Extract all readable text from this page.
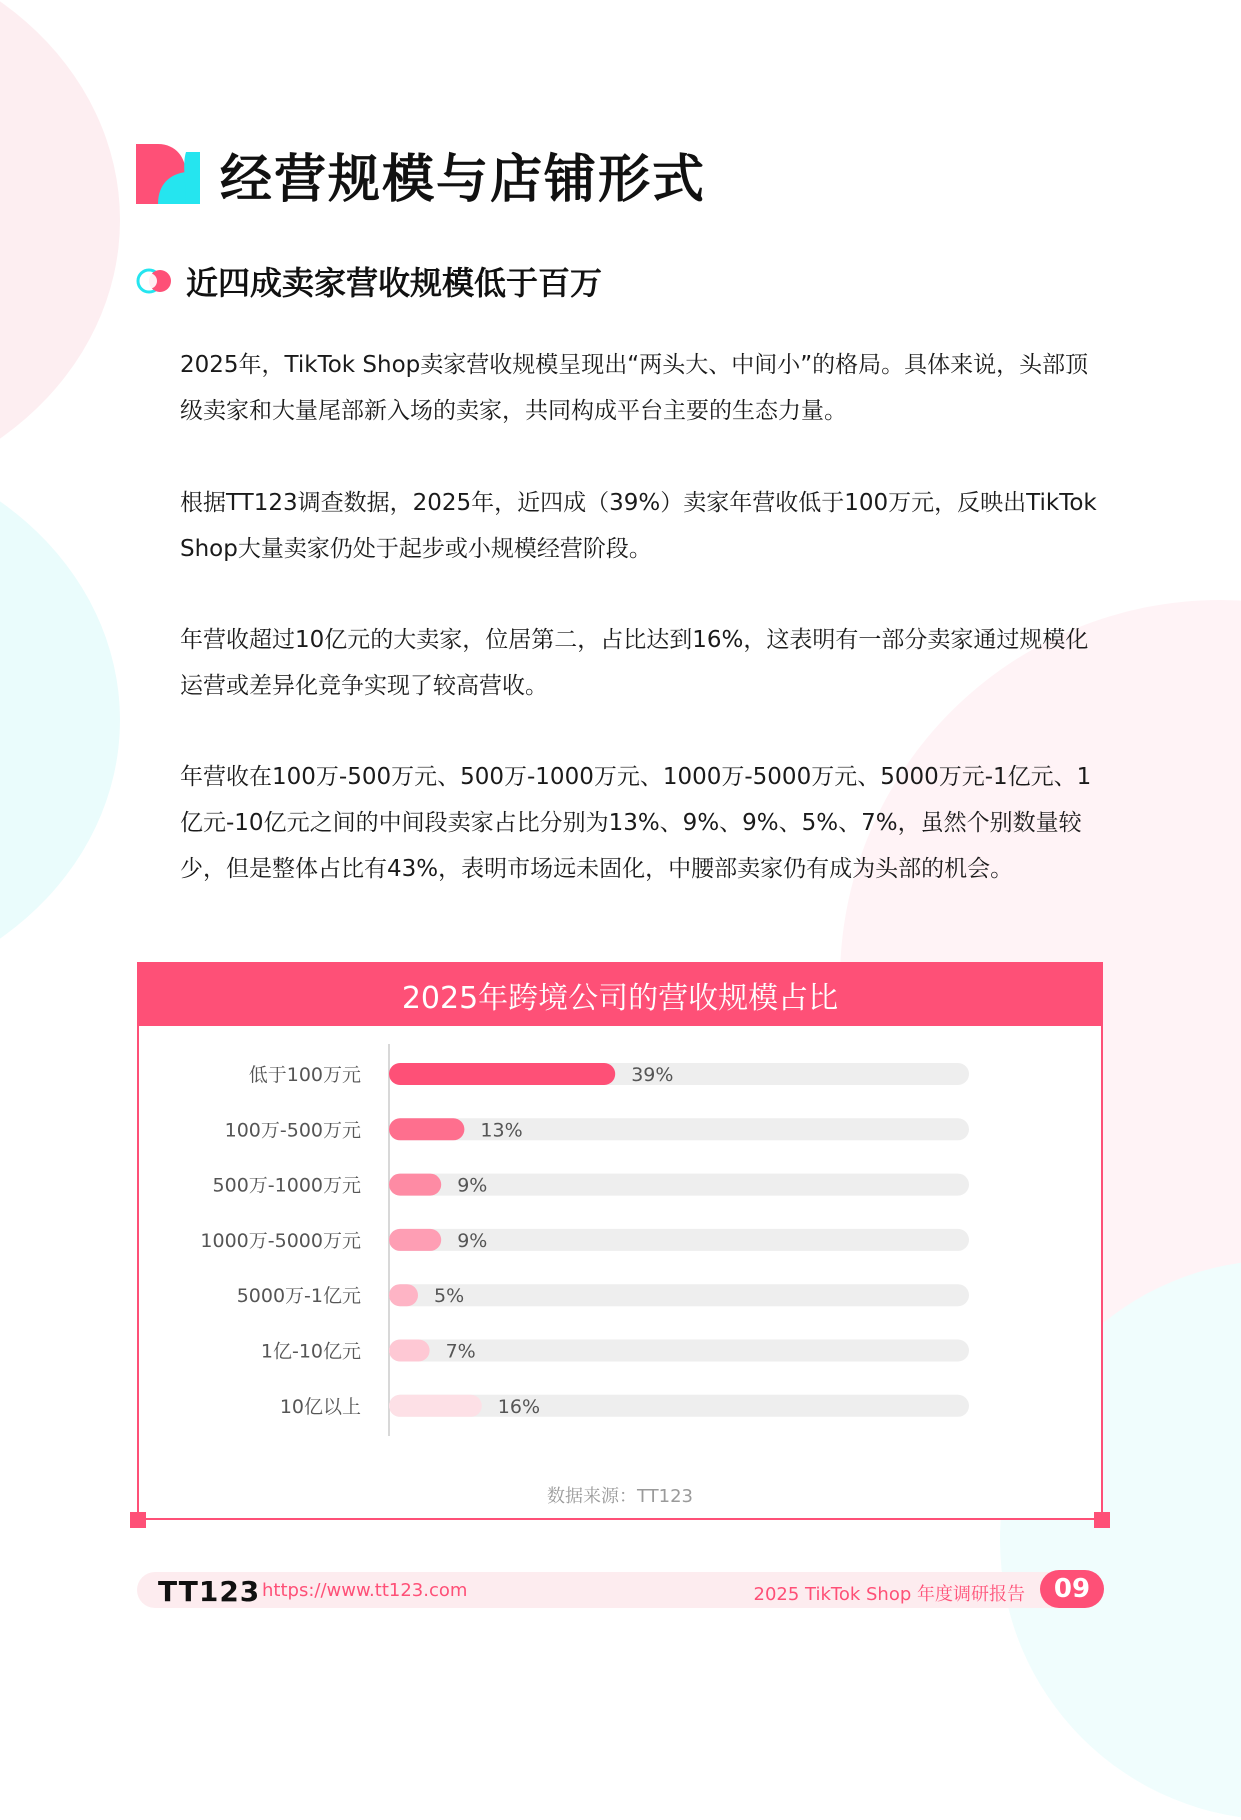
经营规模与店铺形式
近四成卖家营收规模低于百万
2025年，TikTok Shop卖家营收规模呈现出“两头大、中间小”的格局。具体来说，头部顶级卖家和大量尾部新入场的卖家，共同构成平台主要的生态力量。
根据TT123调查数据，2025年，近四成（39%）卖家年营收低于100万元，反映出TikTok Shop大量卖家仍处于起步或小规模经营阶段。
年营收超过10亿元的大卖家，位居第二，占比达到16%，这表明有一部分卖家通过规模化运营或差异化竞争实现了较高营收。
年营收在100万-500万元、500万-1000万元、1000万-5000万元、5000万元-1亿元、1亿元-10亿元之间的中间段卖家占比分别为13%、9%、9%、5%、7%，虽然个别数量较少，但是整体占比有43%，表明市场远未固化，中腰部卖家仍有成为头部的机会。
2025年跨境公司的营收规模占比
低于100万元	39%
100万-500万元	13%
500万-1000万元	9%
1000万-5000万元	9%
5000万-1亿元	5%
1亿-10亿元	7%
10亿以上	16%
数据来源：TT123
TT123 https://www.tt123.com	2025 TikTok Shop 年度调研报告	09
